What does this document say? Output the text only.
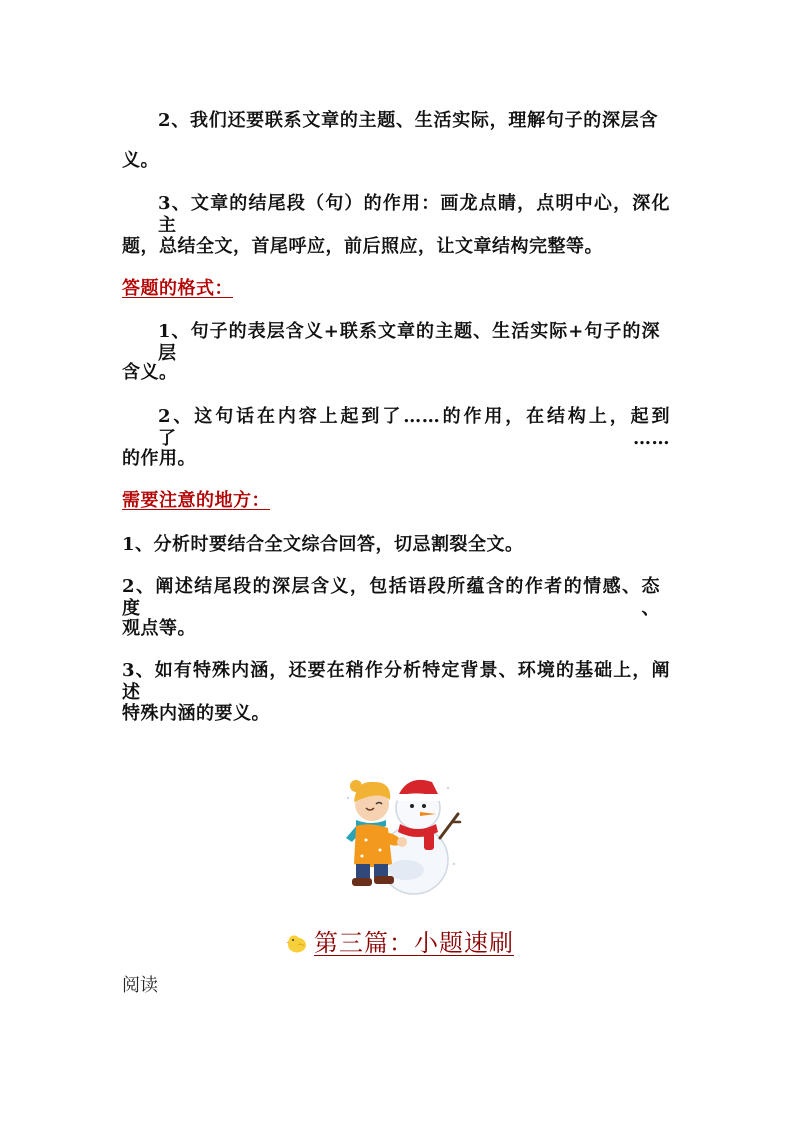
2、我们还要联系文章的主题、生活实际，理解句子的深层含
义。
3、文章的结尾段（句）的作用：画龙点睛，点明中心，深化主
题，总结全文，首尾呼应，前后照应，让文章结构完整等。
答题的格式：
1、句子的表层含义+联系文章的主题、生活实际+句子的深层
含义。
2、这句话在内容上起到了……的作用，在结构上，起到了……
的作用。
需要注意的地方：
1、分析时要结合全文综合回答，切忌割裂全文。
2、阐述结尾段的深层含义，包括语段所蕴含的作者的情感、态度、
观点等。
3、如有特殊内涵，还要在稍作分析特定背景、环境的基础上，阐述
特殊内涵的要义。
第三篇：小题速刷
阅读
